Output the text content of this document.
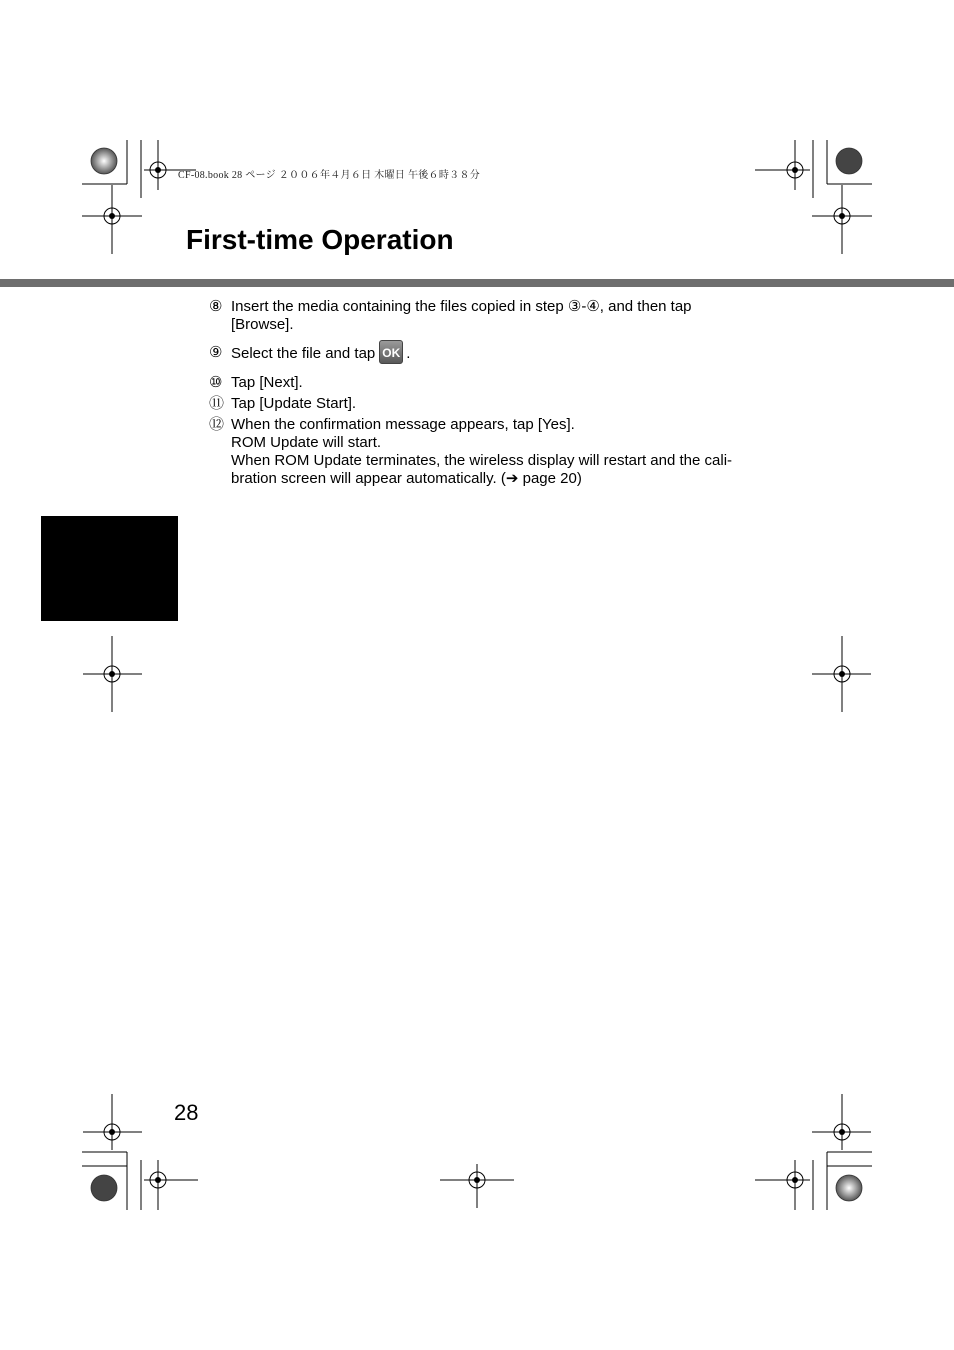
CF-08.book 28 ページ ２００６年４月６日 木曜日 午後６時３８分
First-time Operation
⑧ Insert the media containing the files copied in step ③-④, and then tap
[Browse].
⑨ Select the file and tap OK .
⑩ Tap [Next].
⑪ Tap [Update Start].
⑫ When the confirmation message appears, tap [Yes].
ROM Update will start.
When ROM Update terminates, the wireless display will restart and the cali-
bration screen will appear automatically. (➔ page 20)
28
